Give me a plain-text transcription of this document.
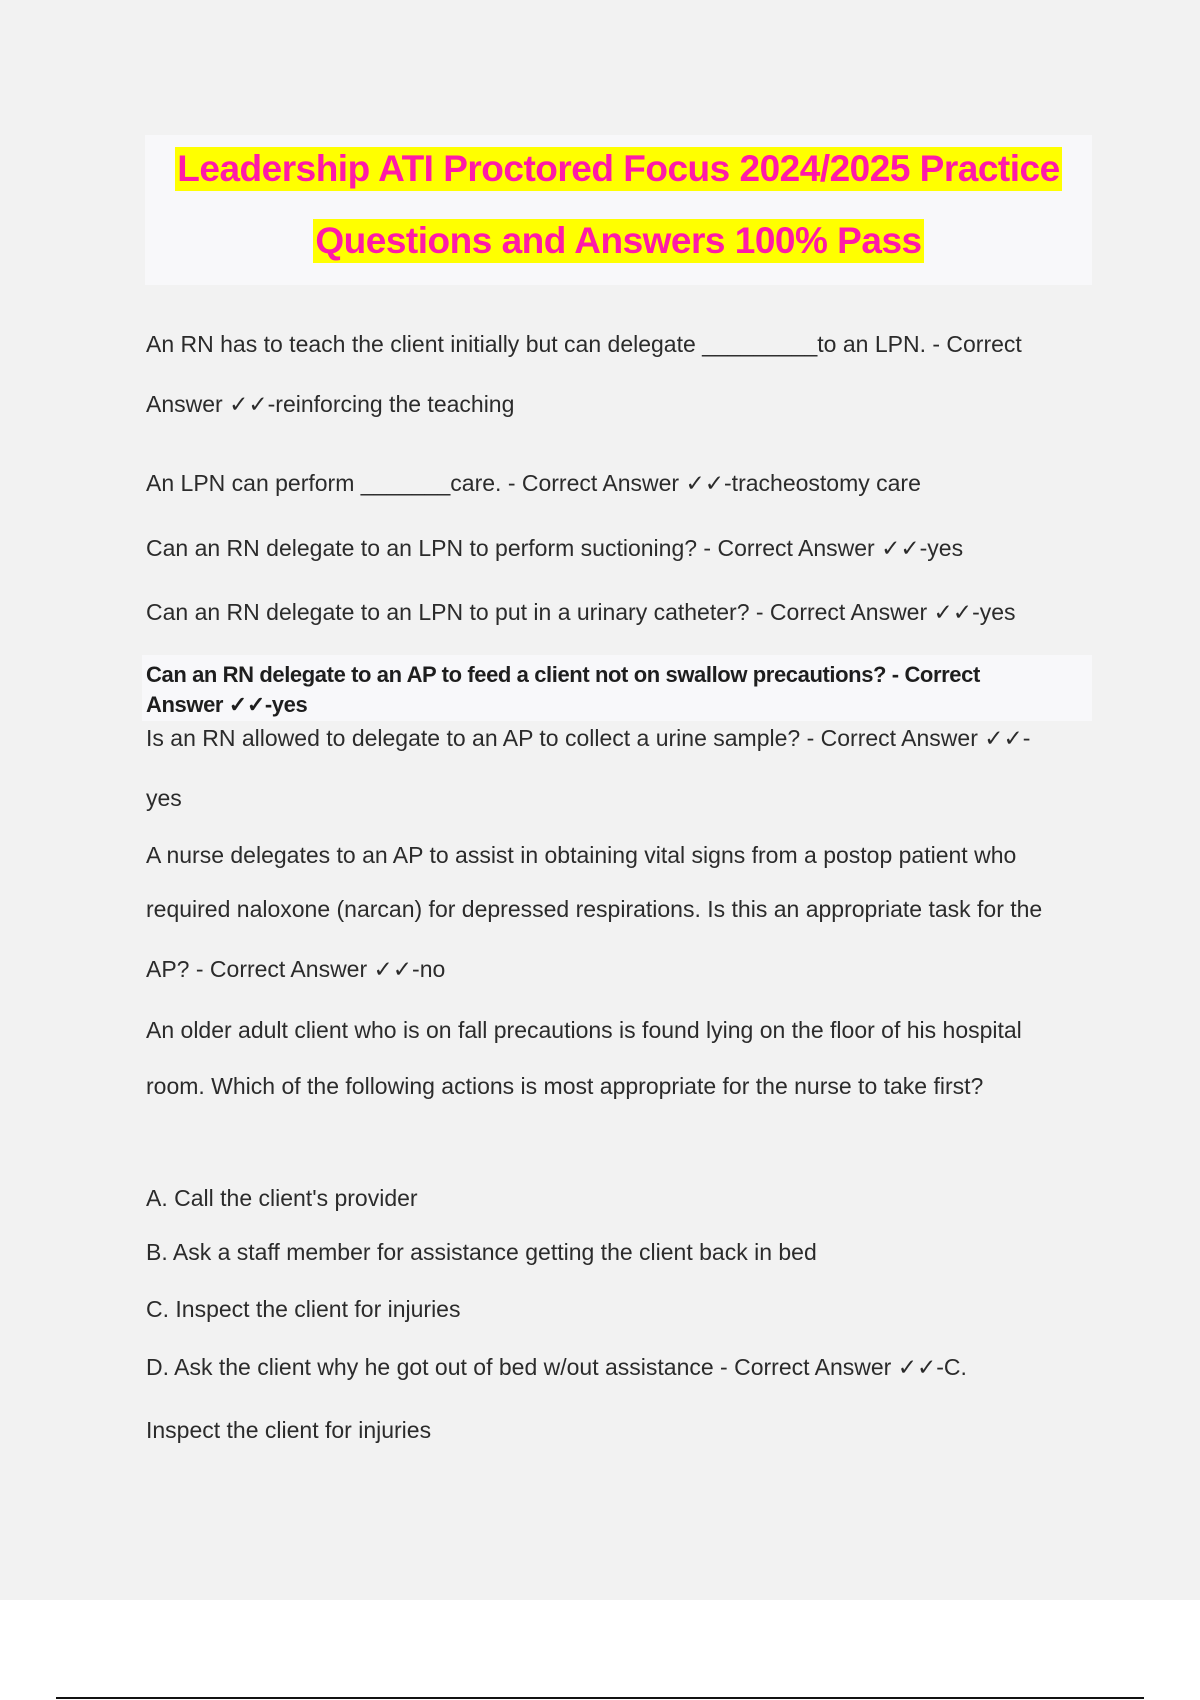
Leadership ATI Proctored Focus 2024/2025 Practice
Questions and Answers 100% Pass
An RN has to teach the client initially but can delegate _________to an LPN. - Correct
Answer ✓✓-reinforcing the teaching
An LPN can perform _______care. - Correct Answer ✓✓-tracheostomy care
Can an RN delegate to an LPN to perform suctioning? - Correct Answer ✓✓-yes
Can an RN delegate to an LPN to put in a urinary catheter? - Correct Answer ✓✓-yes
Can an RN delegate to an AP to feed a client not on swallow precautions? - Correct
Answer ✓✓-yes
Is an RN allowed to delegate to an AP to collect a urine sample? - Correct Answer ✓✓-
yes
A nurse delegates to an AP to assist in obtaining vital signs from a postop patient who
required naloxone (narcan) for depressed respirations. Is this an appropriate task for the
AP? - Correct Answer ✓✓-no
An older adult client who is on fall precautions is found lying on the floor of his hospital
room. Which of the following actions is most appropriate for the nurse to take first?
A. Call the client's provider
B. Ask a staff member for assistance getting the client back in bed
C. Inspect the client for injuries
D. Ask the client why he got out of bed w/out assistance - Correct Answer ✓✓-C.
Inspect the client for injuries
